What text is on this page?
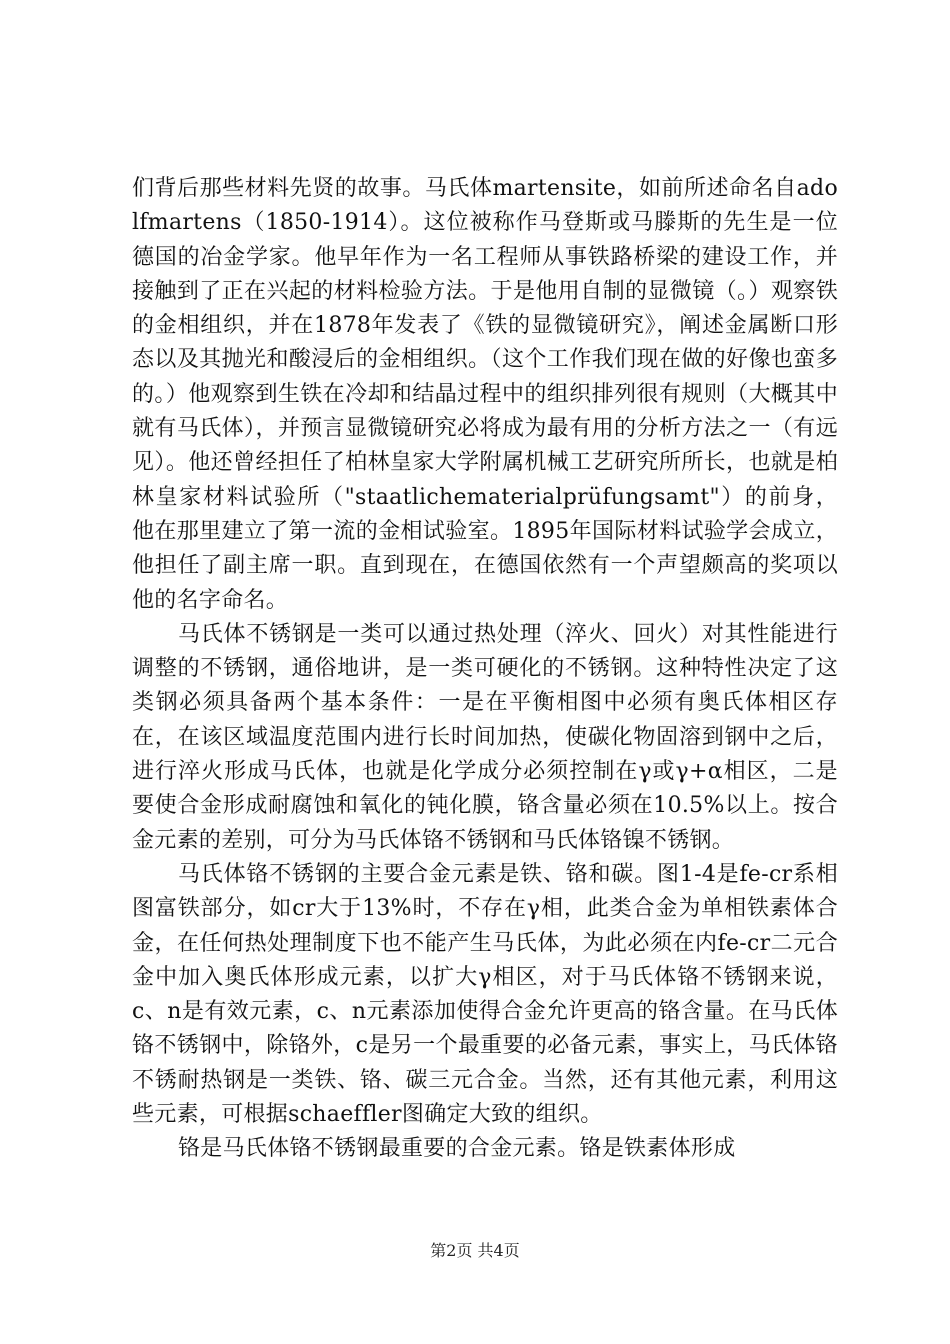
们背后那些材料先贤的故事。马氏体martensite，如前所述命名自adolfmartens（1850-1914）。这位被称作马登斯或马滕斯的先生是一位德国的冶金学家。他早年作为一名工程师从事铁路桥梁的建设工作，并接触到了正在兴起的材料检验方法。于是他用自制的显微镜（。）观察铁的金相组织，并在1878年发表了《铁的显微镜研究》，阐述金属断口形态以及其抛光和酸浸后的金相组织。（这个工作我们现在做的好像也蛮多的。）他观察到生铁在冷却和结晶过程中的组织排列很有规则（大概其中就有马氏体），并预言显微镜研究必将成为最有用的分析方法之一（有远见）。他还曾经担任了柏林皇家大学附属机械工艺研究所所长，也就是柏林皇家材料试验所（"staatlichematerialprüfungsamt"）的前身，他在那里建立了第一流的金相试验室。1895年国际材料试验学会成立，他担任了副主席一职。直到现在，在德国依然有一个声望颇高的奖项以他的名字命名。

马氏体不锈钢是一类可以通过热处理（淬火、回火）对其性能进行调整的不锈钢，通俗地讲，是一类可硬化的不锈钢。这种特性决定了这类钢必须具备两个基本条件：一是在平衡相图中必须有奥氏体相区存在，在该区域温度范围内进行长时间加热，使碳化物固溶到钢中之后，进行淬火形成马氏体，也就是化学成分必须控制在γ或γ+α相区，二是要使合金形成耐腐蚀和氧化的钝化膜，铬含量必须在10.5%以上。按合金元素的差别，可分为马氏体铬不锈钢和马氏体铬镍不锈钢。

马氏体铬不锈钢的主要合金元素是铁、铬和碳。图1-4是fe-cr系相图富铁部分，如cr大于13%时，不存在γ相，此类合金为单相铁素体合金，在任何热处理制度下也不能产生马氏体，为此必须在内fe-cr二元合金中加入奥氏体形成元素，以扩大γ相区，对于马氏体铬不锈钢来说，c、n是有效元素，c、n元素添加使得合金允许更高的铬含量。在马氏体铬不锈钢中，除铬外，c是另一个最重要的必备元素，事实上，马氏体铬不锈耐热钢是一类铁、铬、碳三元合金。当然，还有其他元素，利用这些元素，可根据schaeffler图确定大致的组织。

铬是马氏体铬不锈钢最重要的合金元素。铬是铁素体形成

第2页 共4页
